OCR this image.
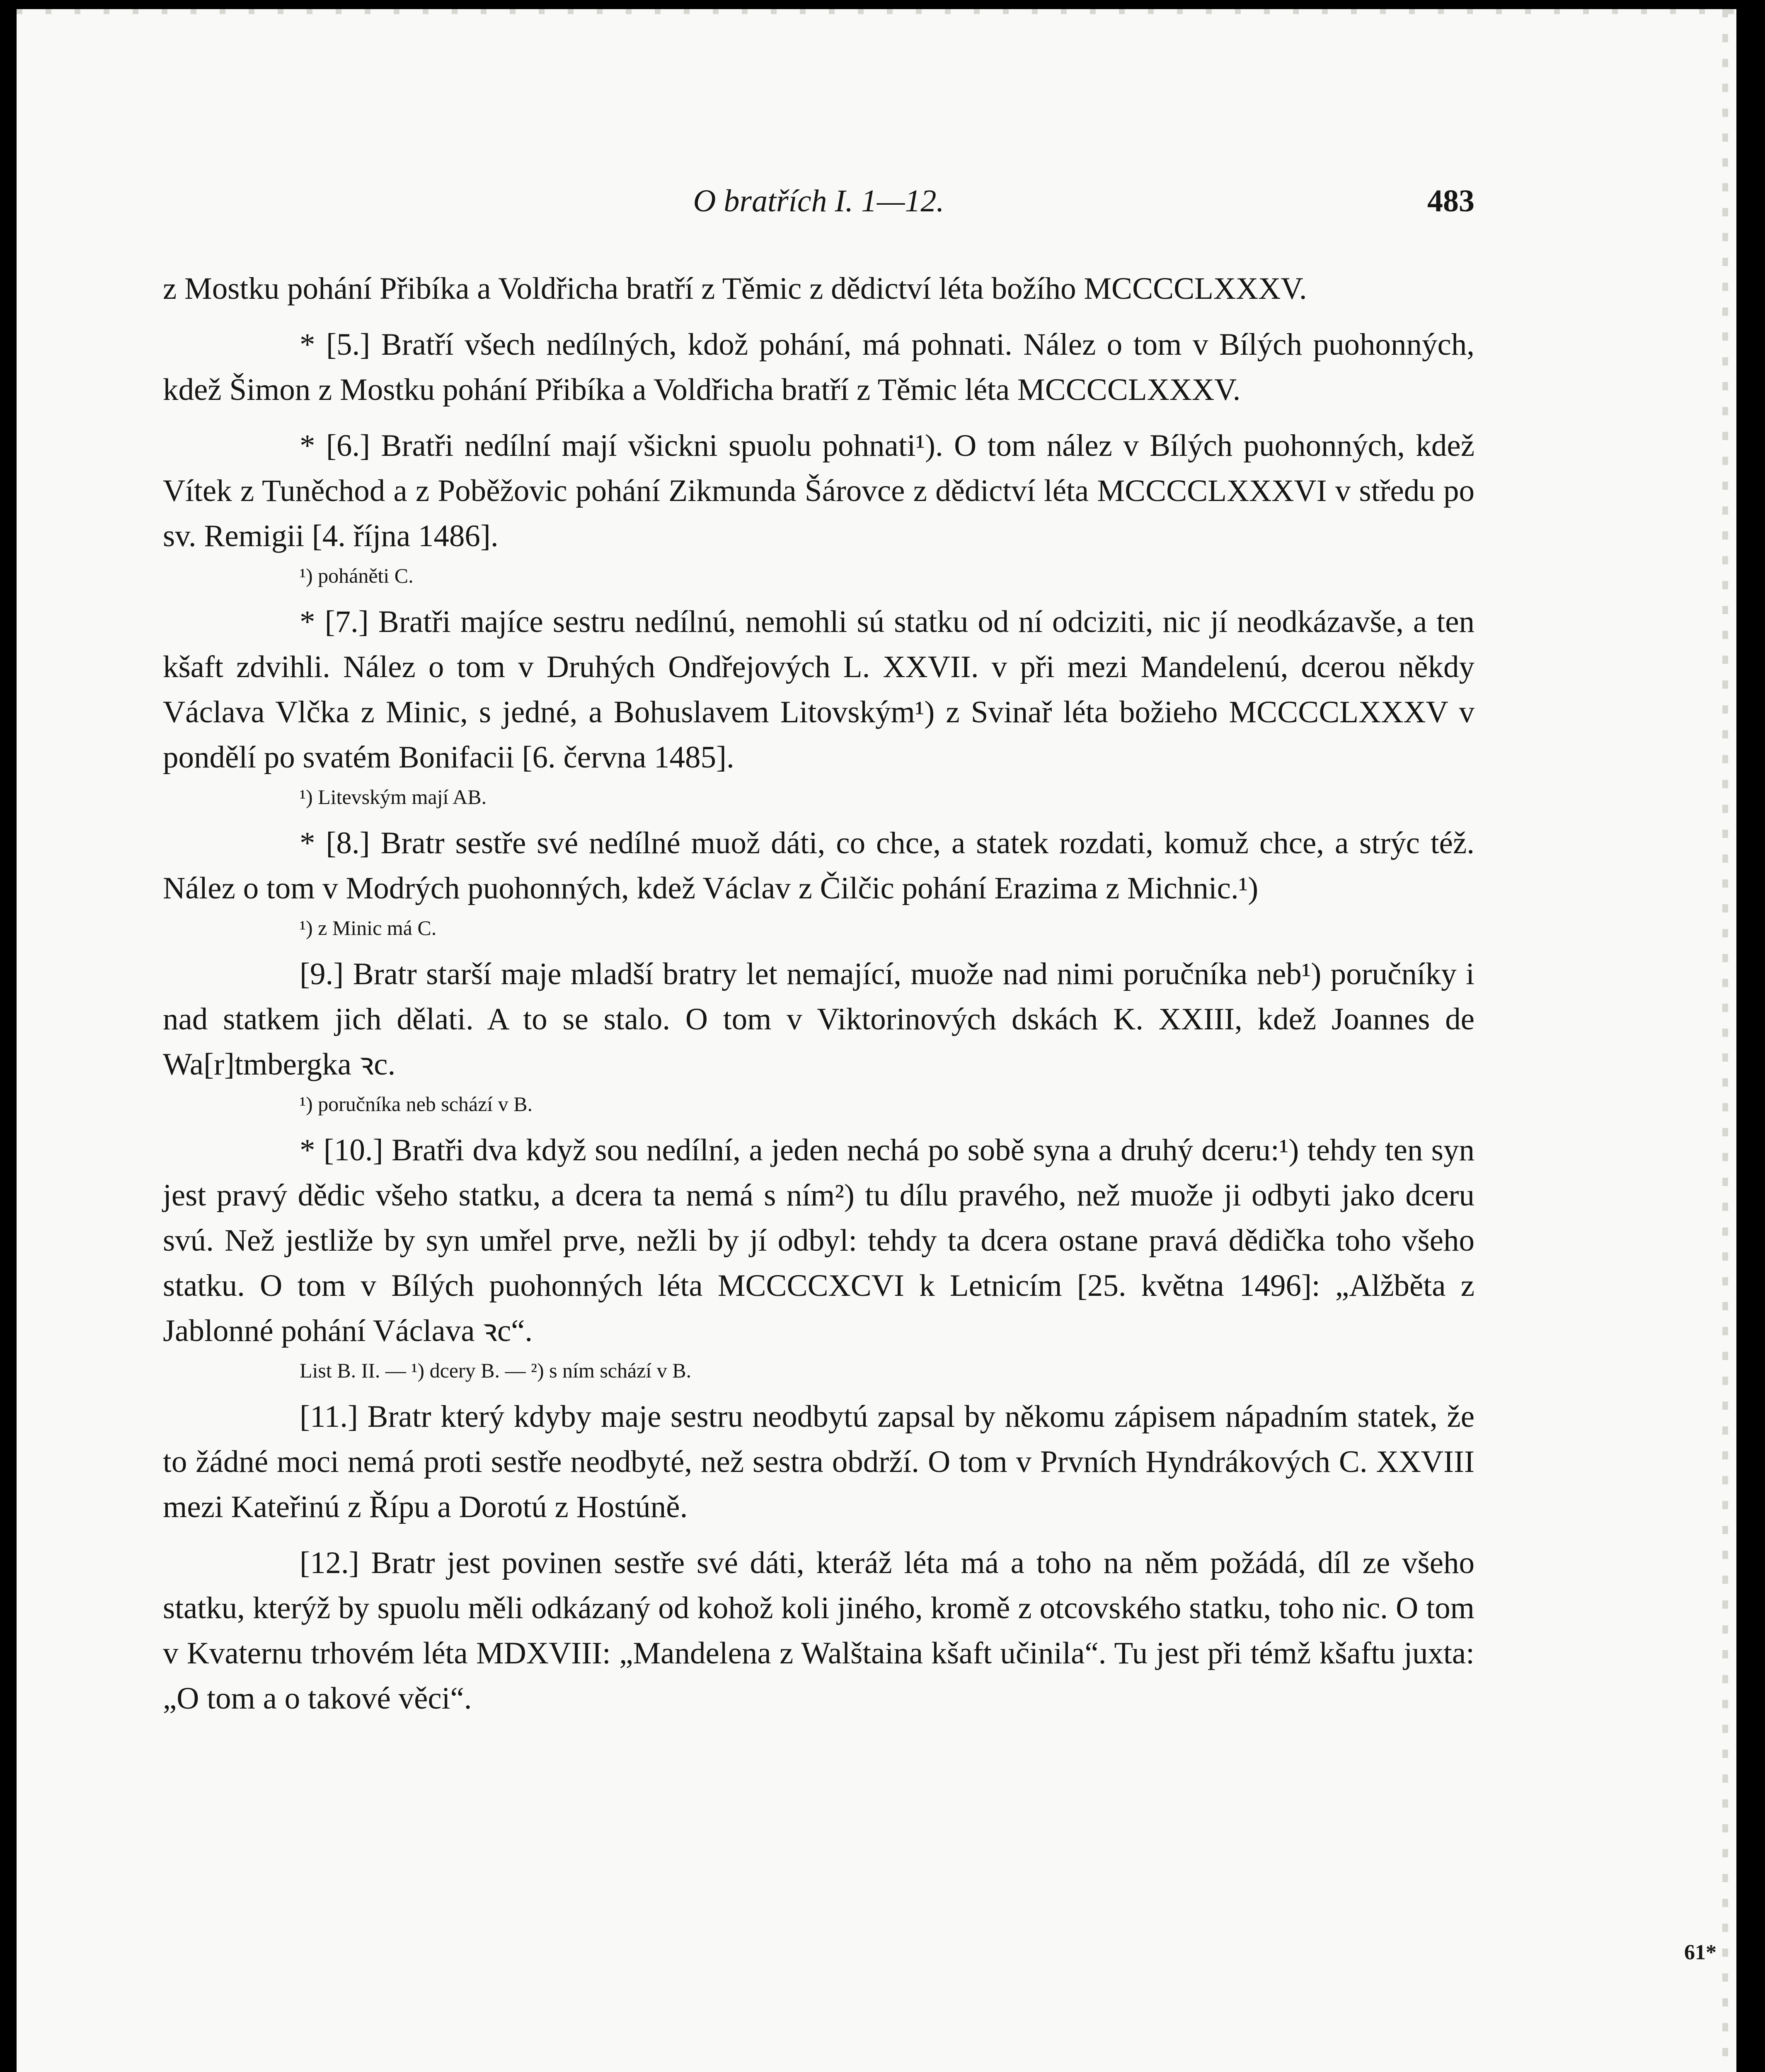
O bratřích I. 1—12.	483

z Mostku pohání Přibíka a Voldřicha bratří z Těmic z dědictví léta božího MCCCCLXXXV.

* [5.] Bratří všech nedílných, kdož pohání, má pohnati. Nález o tom v Bílých puohonných, kdež Šimon z Mostku pohání Přibíka a Voldřicha bratří z Těmic léta MCCCCLXXXV.

* [6.] Bratři nedílní mají všickni spuolu pohnati¹). O tom nález v Bílých puohonných, kdež Vítek z Tuněchod a z Poběžovic pohání Zikmunda Šárovce z dědictví léta MCCCCLXXXVI v středu po sv. Remigii [4. října 1486].

¹) poháněti C.

* [7.] Bratři majíce sestru nedílnú, nemohli sú statku od ní odciziti, nic jí neodkázavše, a ten kšaft zdvihli. Nález o tom v Druhých Ondřejových L. XXVII. v při mezi Mandelenú, dcerou někdy Václava Vlčka z Minic, s jedné, a Bohuslavem Litovským¹) z Svinař léta božieho MCCCCLXXXV v pondělí po svatém Bonifacii [6. června 1485].

¹) Litevským mají AB.

* [8.] Bratr sestře své nedílné muož dáti, co chce, a statek rozdati, komuž chce, a strýc též. Nález o tom v Modrých puohonných, kdež Václav z Čilčic pohání Erazima z Michnic.¹)

¹) z Minic má C.

[9.] Bratr starší maje mladší bratry let nemající, muože nad nimi poručníka neb¹) poručníky i nad statkem jich dělati. A to se stalo. O tom v Viktorinových dskách K. XXIII, kdež Joannes de Wa[r]tmbergka ꝛc.

¹) poručníka neb schází v B.

* [10.] Bratři dva když sou nedílní, a jeden nechá po sobě syna a druhý dceru:¹) tehdy ten syn jest pravý dědic všeho statku, a dcera ta nemá s ním²) tu dílu pravého, než muože ji odbyti jako dceru svú. Než jestliže by syn umřel prve, nežli by jí odbyl: tehdy ta dcera ostane pravá dědička toho všeho statku. O tom v Bílých puohonných léta MCCCCXCVI k Letnicím [25. května 1496]: „Alžběta z Jablonné pohání Václava ꝛc“.

List B. II. — ¹) dcery B. — ²) s ním schází v B.

[11.] Bratr který kdyby maje sestru neodbytú zapsal by někomu zápisem nápadním statek, že to žádné moci nemá proti sestře neodbyté, než sestra obdrží. O tom v Prvních Hyndrákových C. XXVIII mezi Kateřinú z Řípu a Dorotú z Hostúně.

[12.] Bratr jest povinen sestře své dáti, kteráž léta má a toho na něm požádá, díl ze všeho statku, kterýž by spuolu měli odkázaný od kohož koli jiného, kromě z otcovského statku, toho nic. O tom v Kvaternu trhovém léta MDXVIII: „Mandelena z Walštaina kšaft učinila“. Tu jest při témž kšaftu juxta: „O tom a o takové věci“.

61*
